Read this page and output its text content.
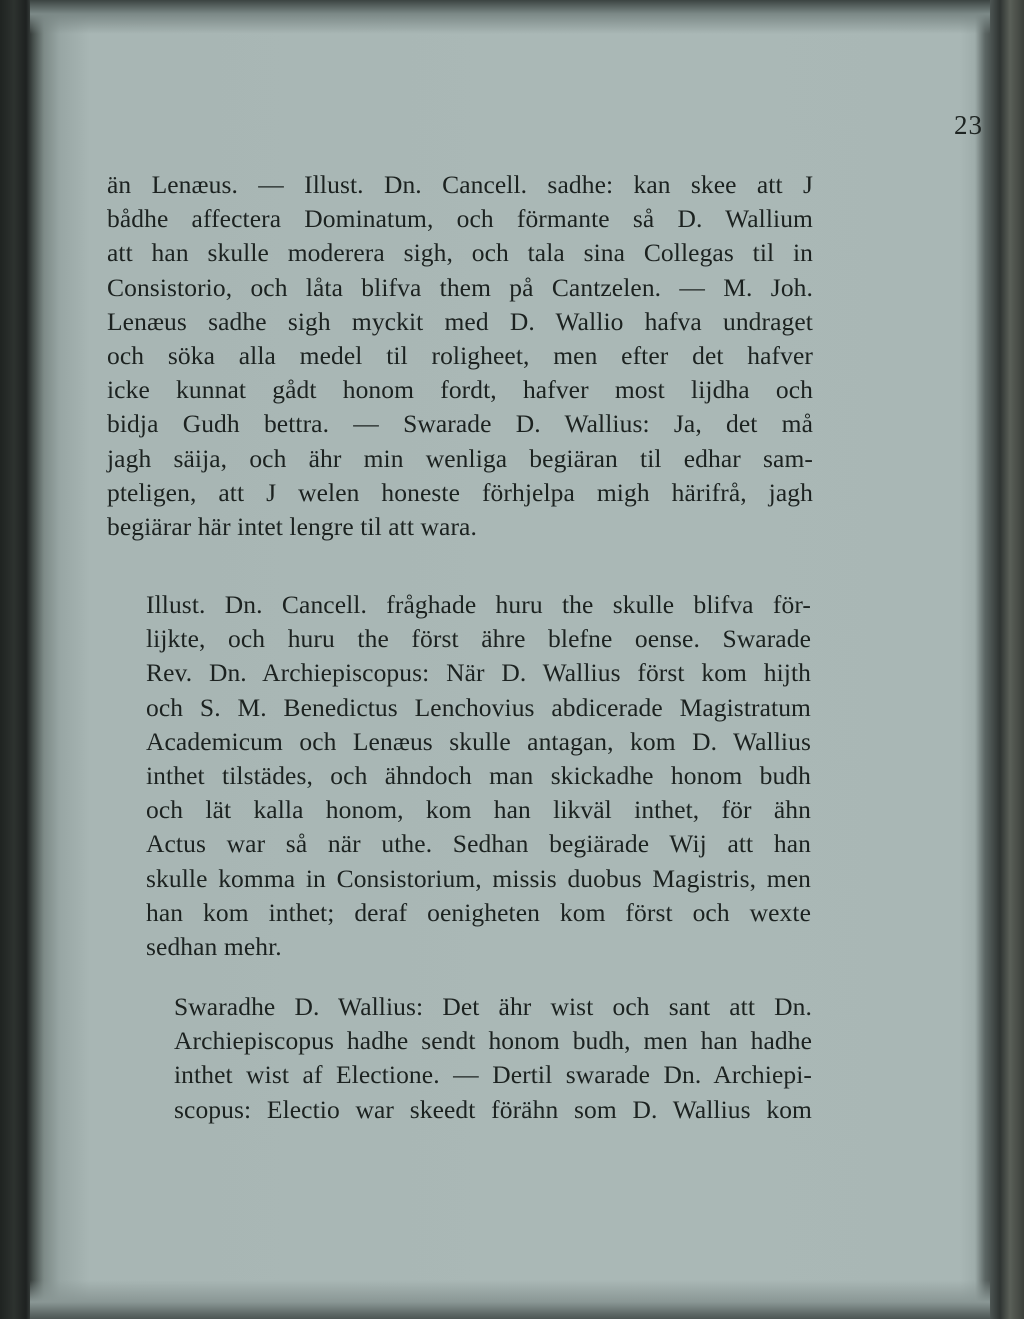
23
än Lenæus. — Illust. Dn. Cancell. sadhe: kan skee att J
bådhe affectera Dominatum, och förmante så D. Wallium
att han skulle moderera sigh, och tala sina Collegas til in
Consistorio, och låta blifva them på Cantzelen. — M. Joh.
Lenæus sadhe sigh myckit med D. Wallio hafva undraget
och söka alla medel til roligheet, men efter det hafver
icke kunnat gådt honom fordt, hafver most lijdha och
bidja Gudh bettra. — Swarade D. Wallius: Ja, det må
jagh säija, och ähr min wenliga begiäran til edhar sam-
pteligen, att J welen honeste förhjelpa migh härifrå, jagh
begiärar här intet lengre til att wara.
Illust. Dn. Cancell. fråghade huru the skulle blifva för-
lijkte, och huru the först ähre blefne oense. Swarade
Rev. Dn. Archiepiscopus: När D. Wallius först kom hijth
och S. M. Benedictus Lenchovius abdicerade Magistratum
Academicum och Lenæus skulle antagan, kom D. Wallius
inthet tilstädes, och ähndoch man skickadhe honom budh
och lät kalla honom, kom han likväl inthet, för ähn
Actus war så när uthe. Sedhan begiärade Wij att han
skulle komma in Consistorium, missis duobus Magistris, men
han kom inthet; deraf oenigheten kom först och wexte
sedhan mehr.
Swaradhe D. Wallius: Det ähr wist och sant att Dn.
Archiepiscopus hadhe sendt honom budh, men han hadhe
inthet wist af Electione. — Dertil swarade Dn. Archiepi-
scopus: Electio war skeedt förähn som D. Wallius kom
